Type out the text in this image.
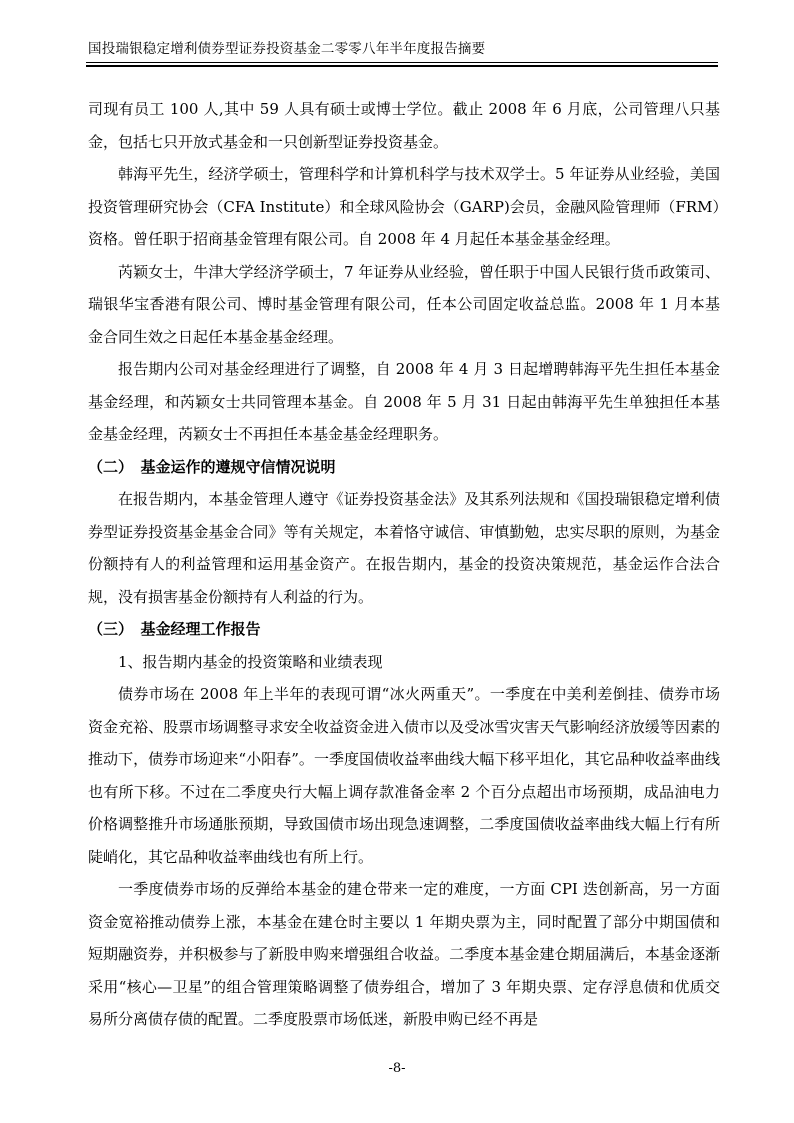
国投瑞银稳定增利债券型证券投资基金二零零八年半年度报告摘要

司现有员工 100 人,其中 59 人具有硕士或博士学位。截止 2008 年 6 月底，公司管理八只基金，包括七只开放式基金和一只创新型证券投资基金。

韩海平先生，经济学硕士，管理科学和计算机科学与技术双学士。5 年证券从业经验，美国投资管理研究协会（CFA Institute）和全球风险协会（GARP)会员，金融风险管理师（FRM）资格。曾任职于招商基金管理有限公司。自 2008 年 4 月起任本基金基金经理。

芮颖女士，牛津大学经济学硕士，7 年证券从业经验，曾任职于中国人民银行货币政策司、瑞银华宝香港有限公司、博时基金管理有限公司，任本公司固定收益总监。2008 年 1 月本基金合同生效之日起任本基金基金经理。

报告期内公司对基金经理进行了调整，自 2008 年 4 月 3 日起增聘韩海平先生担任本基金基金经理，和芮颖女士共同管理本基金。自 2008 年 5 月 31 日起由韩海平先生单独担任本基金基金经理，芮颖女士不再担任本基金基金经理职务。

（二）　基金运作的遵规守信情况说明

在报告期内，本基金管理人遵守《证券投资基金法》及其系列法规和《国投瑞银稳定增利债券型证券投资基金基金合同》等有关规定，本着恪守诚信、审慎勤勉，忠实尽职的原则，为基金份额持有人的利益管理和运用基金资产。在报告期内，基金的投资决策规范，基金运作合法合规，没有损害基金份额持有人利益的行为。

（三）　基金经理工作报告

1、报告期内基金的投资策略和业绩表现

债券市场在 2008 年上半年的表现可谓“冰火两重天”。一季度在中美利差倒挂、债券市场资金充裕、股票市场调整寻求安全收益资金进入债市以及受冰雪灾害天气影响经济放缓等因素的推动下，债券市场迎来“小阳春”。一季度国债收益率曲线大幅下移平坦化，其它品种收益率曲线也有所下移。不过在二季度央行大幅上调存款准备金率 2 个百分点超出市场预期，成品油电力价格调整推升市场通胀预期，导致国债市场出现急速调整，二季度国债收益率曲线大幅上行有所陡峭化，其它品种收益率曲线也有所上行。

一季度债券市场的反弹给本基金的建仓带来一定的难度，一方面 CPI 迭创新高，另一方面资金宽裕推动债券上涨，本基金在建仓时主要以 1 年期央票为主，同时配置了部分中期国债和短期融资券，并积极参与了新股申购来增强组合收益。二季度本基金建仓期届满后，本基金逐渐采用“核心—卫星”的组合管理策略调整了债券组合，增加了 3 年期央票、定存浮息债和优质交易所分离债存债的配置。二季度股票市场低迷，新股申购已经不再是

-8-
